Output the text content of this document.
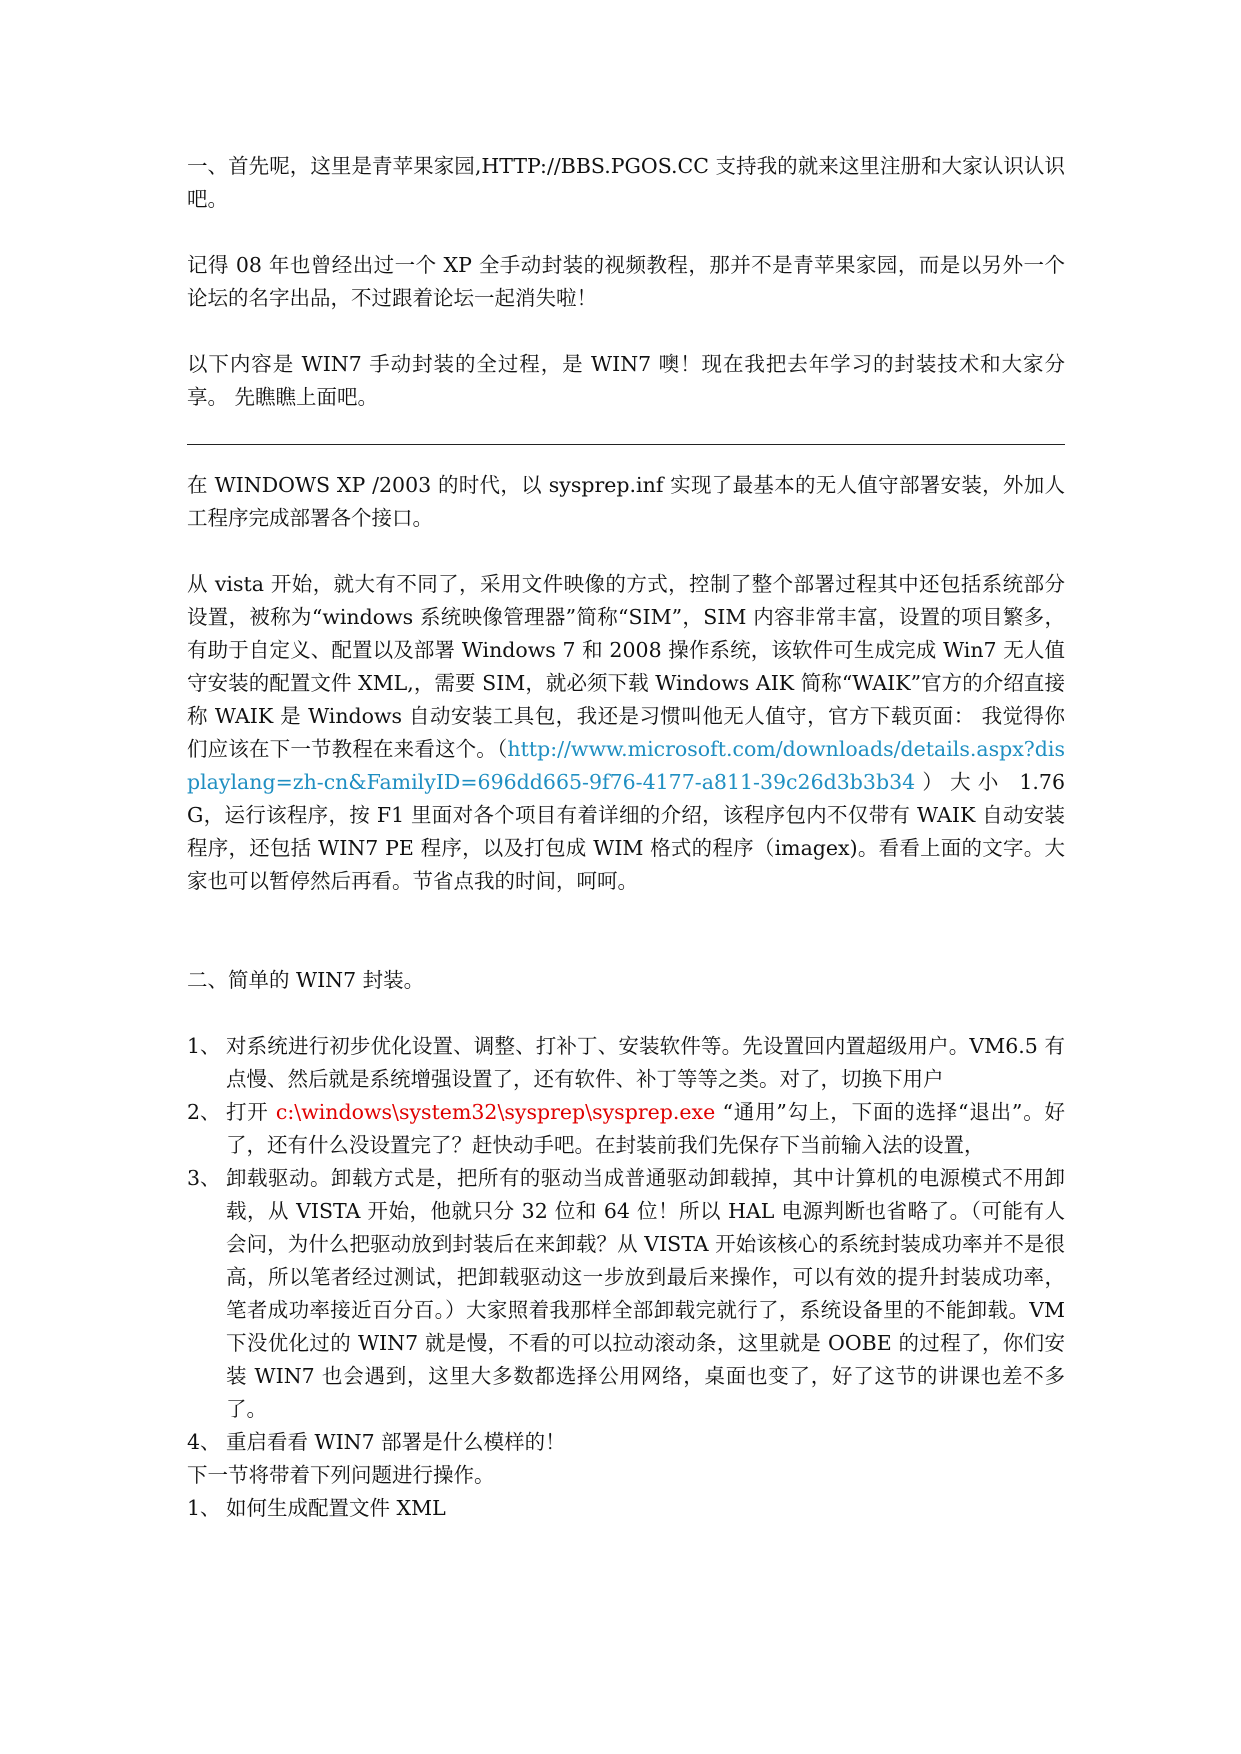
一、首先呢，这里是青苹果家园,HTTP://BBS.PGOS.CC 支持我的就来这里注册和大家认识认识吧。

记得 08 年也曾经出过一个 XP 全手动封装的视频教程，那并不是青苹果家园，而是以另外一个论坛的名字出品，不过跟着论坛一起消失啦！

以下内容是 WIN7 手动封装的全过程，是 WIN7 噢！现在我把去年学习的封装技术和大家分享。 先瞧瞧上面吧。

在 WINDOWS XP /2003 的时代，以 sysprep.inf 实现了最基本的无人值守部署安装，外加人工程序完成部署各个接口。

从 vista 开始，就大有不同了，采用文件映像的方式，控制了整个部署过程其中还包括系统部分设置，被称为“windows 系统映像管理器”简称“SIM”，SIM 内容非常丰富，设置的项目繁多，有助于自定义、配置以及部署 Windows 7 和 2008 操作系统，该软件可生成完成 Win7 无人值守安装的配置文件 XML,，需要 SIM，就必须下载 Windows AIK 简称“WAIK”官方的介绍直接称 WAIK 是 Windows 自动安装工具包，我还是习惯叫他无人值守，官方下载页面： 我觉得你们应该在下一节教程在来看这个。（http://www.microsoft.com/downloads/details.aspx?displaylang=zh-cn&FamilyID=696dd665-9f76-4177-a811-39c26d3b3b34）大小 1.76G，运行该程序，按 F1 里面对各个项目有着详细的介绍，该程序包内不仅带有 WAIK 自动安装程序，还包括 WIN7 PE 程序，以及打包成 WIM 格式的程序（imagex)。看看上面的文字。大家也可以暂停然后再看。节省点我的时间，呵呵。

二、简单的 WIN7 封装。

1、 对系统进行初步优化设置、调整、打补丁、安装软件等。先设置回内置超级用户。VM6.5 有点慢、然后就是系统增强设置了，还有软件、补丁等等之类。对了，切换下用户
2、 打开 c:\windows\system32\sysprep\sysprep.exe “通用”勾上，下面的选择“退出”。好了，还有什么没设置完了？赶快动手吧。在封装前我们先保存下当前输入法的设置，
3、 卸载驱动。卸载方式是，把所有的驱动当成普通驱动卸载掉，其中计算机的电源模式不用卸载，从 VISTA 开始，他就只分 32 位和 64 位！所以 HAL 电源判断也省略了。（可能有人会问，为什么把驱动放到封装后在来卸载？从 VISTA 开始该核心的系统封装成功率并不是很高，所以笔者经过测试，把卸载驱动这一步放到最后来操作，可以有效的提升封装成功率，笔者成功率接近百分百。）大家照着我那样全部卸载完就行了，系统设备里的不能卸载。VM 下没优化过的 WIN7 就是慢，不看的可以拉动滚动条，这里就是 OOBE 的过程了，你们安装 WIN7 也会遇到，这里大多数都选择公用网络，桌面也变了，好了这节的讲课也差不多了。
4、 重启看看 WIN7 部署是什么模样的！

下一节将带着下列问题进行操作。

1、 如何生成配置文件 XML
